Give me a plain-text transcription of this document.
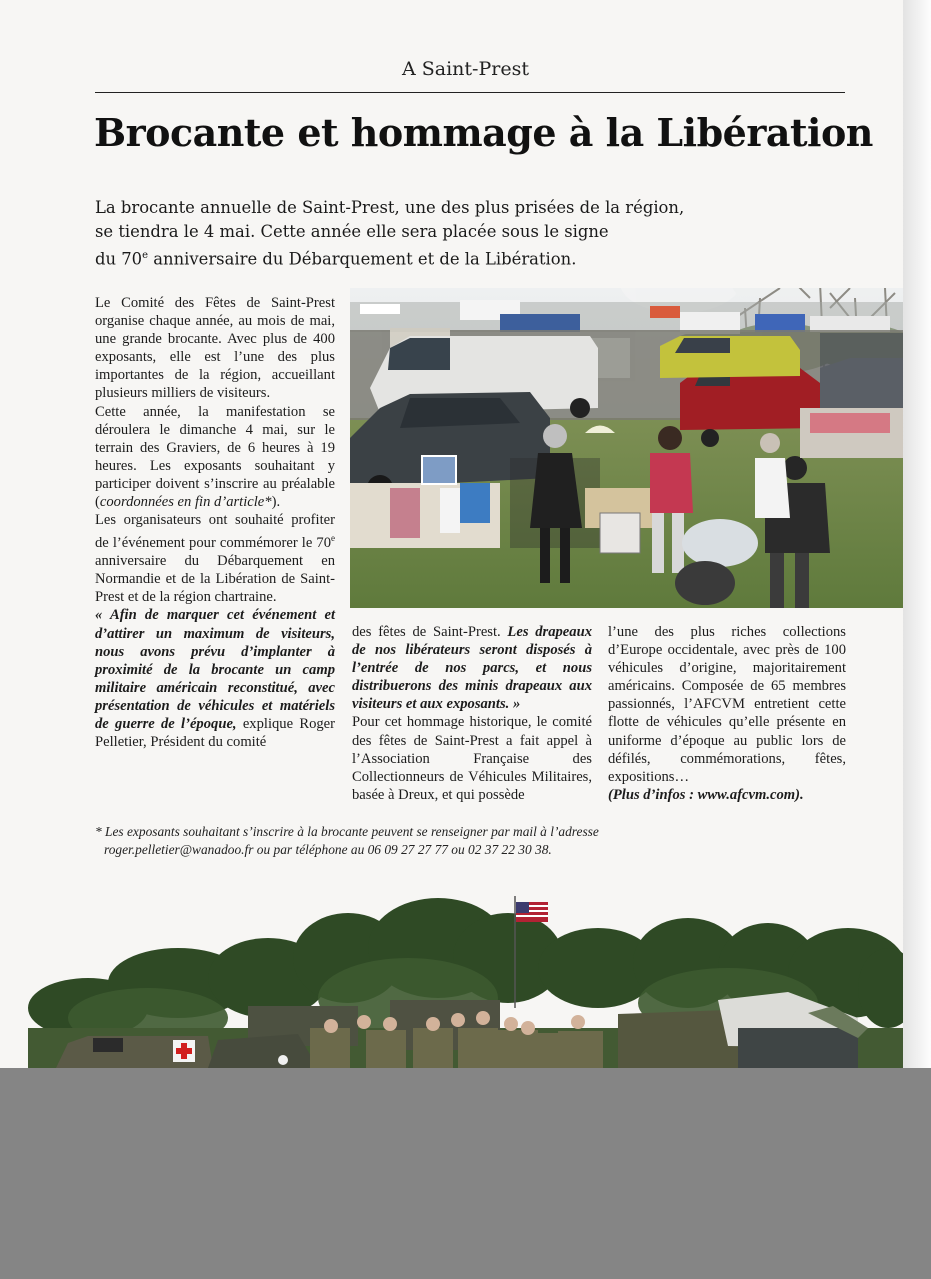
A Saint-Prest
Brocante et hommage à la Libération

La brocante annuelle de Saint-Prest, une des plus prisées de la région,

se tiendra le 4 mai. Cette année elle sera placée sous le signe

du 70e anniversaire du Débarquement et de la Libération.

Le Comité des Fêtes de Saint-Prest organise chaque année, au mois de mai, une grande brocante. Avec plus de 400 exposants, elle est l’une des plus importantes de la région, accueillant plusieurs milliers de visiteurs.

Cette année, la manifestation se déroulera le dimanche 4 mai, sur le terrain des Graviers, de 6 heures à 19 heures. Les exposants souhaitant y participer doivent s’inscrire au préalable (coordonnées en fin d’article*).

Les organisateurs ont souhaité profiter de l’événement pour commémorer le 70e anniversaire du Débarquement en Normandie et de la Libération de Saint-Prest et de la région chartraine.

« Afin de marquer cet événement et d’attirer un maximum de visiteurs, nous avons prévu d’implanter à proximité de la brocante un camp militaire américain reconstitué, avec présentation de véhicules et matériels de guerre de l’époque, explique Roger Pelletier, Président du comité

des fêtes de Saint-Prest. Les drapeaux de nos libérateurs seront disposés à l’entrée de nos parcs, et nous distribuerons des minis drapeaux aux visiteurs et aux exposants. »

Pour cet hommage historique, le comité des fêtes de Saint-Prest a fait appel à l’Association Française des Collectionneurs de Véhicules Militaires, basée à Dreux, et qui possède

l’une des plus riches collections d’Europe occidentale, avec près de 100 véhicules d’origine, majoritairement américains. Composée de 65 membres passionnés, l’AFCVM entretient cette flotte de véhicules qu’elle présente en uniforme d’époque au public lors de défilés, commémorations, fêtes, expositions…

(Plus d’infos : www.afcvm.com).

* Les exposants souhaitant s’inscrire à la brocante peuvent se renseigner par mail à l’adresse

roger.pelletier@wanadoo.fr ou par téléphone au 06 09 27 27 77 ou 02 37 22 30 38.
